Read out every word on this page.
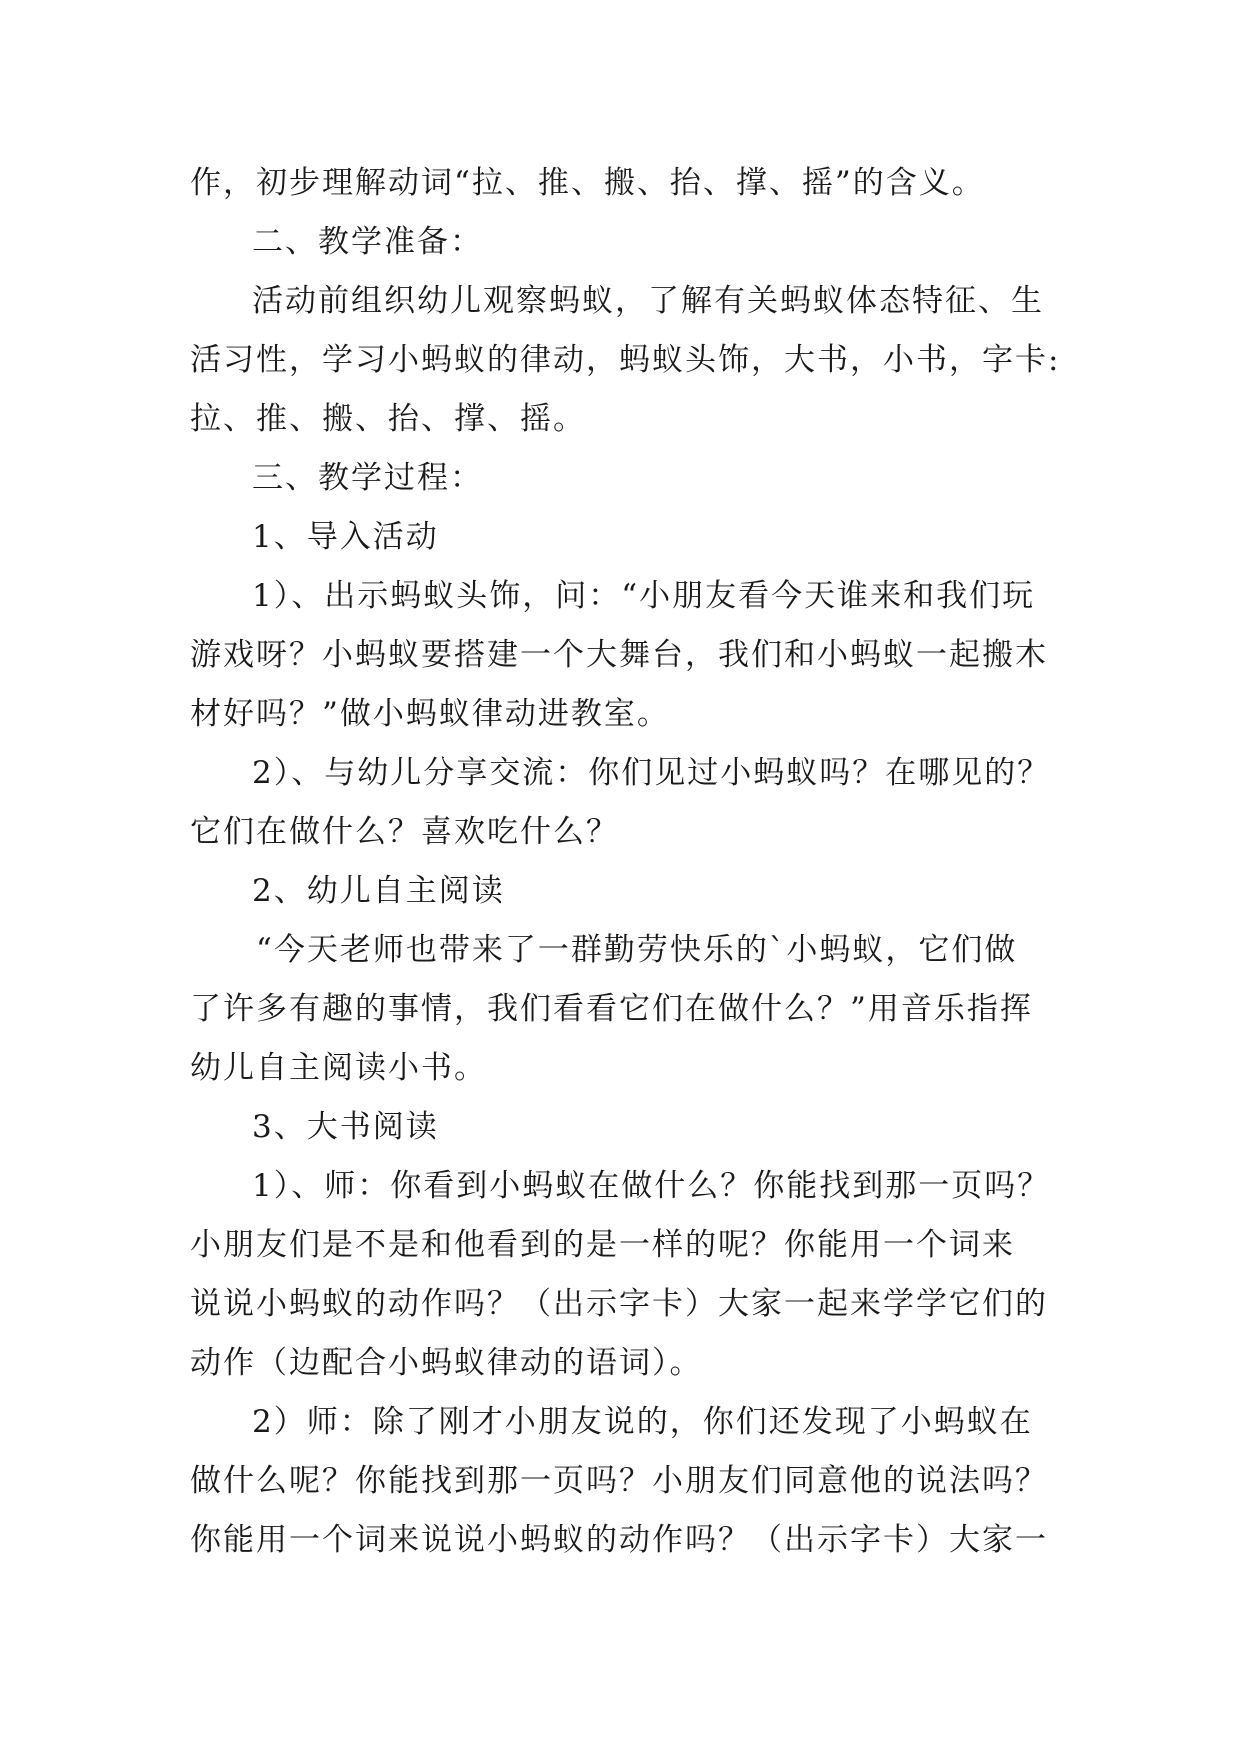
作，初步理解动词“拉、推、搬、抬、撑、摇”的含义。
二、教学准备：
活动前组织幼儿观察蚂蚁，了解有关蚂蚁体态特征、生
活习性，学习小蚂蚁的律动，蚂蚁头饰，大书，小书，字卡:
拉、推、搬、抬、撑、摇。
三、教学过程：
1、导入活动
1）、出示蚂蚁头饰，问：“小朋友看今天谁来和我们玩
游戏呀？小蚂蚁要搭建一个大舞台，我们和小蚂蚁一起搬木
材好吗？”做小蚂蚁律动进教室。
2）、与幼儿分享交流：你们见过小蚂蚁吗？在哪见的？
它们在做什么？喜欢吃什么？
2、幼儿自主阅读
“今天老师也带来了一群勤劳快乐的`小蚂蚁，它们做
了许多有趣的事情，我们看看它们在做什么？”用音乐指挥
幼儿自主阅读小书。
3、大书阅读
1）、师：你看到小蚂蚁在做什么？你能找到那一页吗？
小朋友们是不是和他看到的是一样的呢？你能用一个词来
说说小蚂蚁的动作吗？（出示字卡）大家一起来学学它们的
动作（边配合小蚂蚁律动的语词）。
2）师：除了刚才小朋友说的，你们还发现了小蚂蚁在
做什么呢？你能找到那一页吗？小朋友们同意他的说法吗？
你能用一个词来说说小蚂蚁的动作吗？（出示字卡）大家一
